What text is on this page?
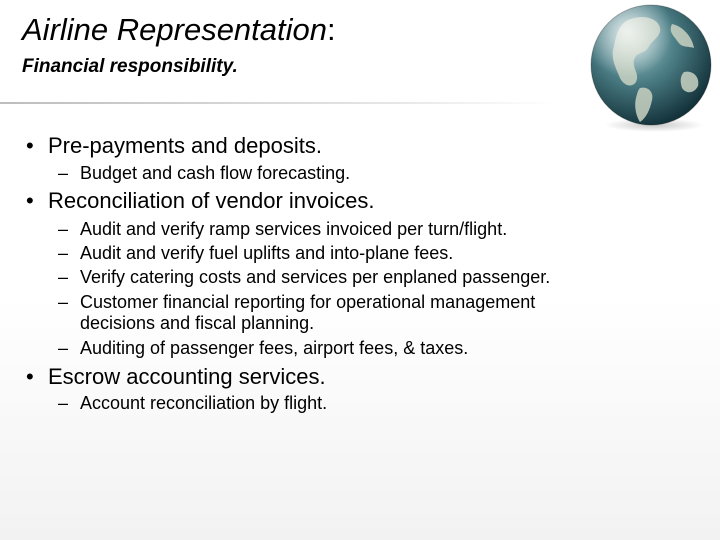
Airline Representation:
Financial responsibility.
• Pre-payments and deposits.
– Budget and cash flow forecasting.
• Reconciliation of vendor invoices.
– Audit and verify ramp services invoiced per turn/flight.
– Audit and verify fuel uplifts and into-plane fees.
– Verify catering costs and services per enplaned passenger.
– Customer financial reporting for operational management
decisions and fiscal planning.
– Auditing of passenger fees, airport fees, & taxes.
• Escrow accounting services.
– Account reconciliation by flight.
